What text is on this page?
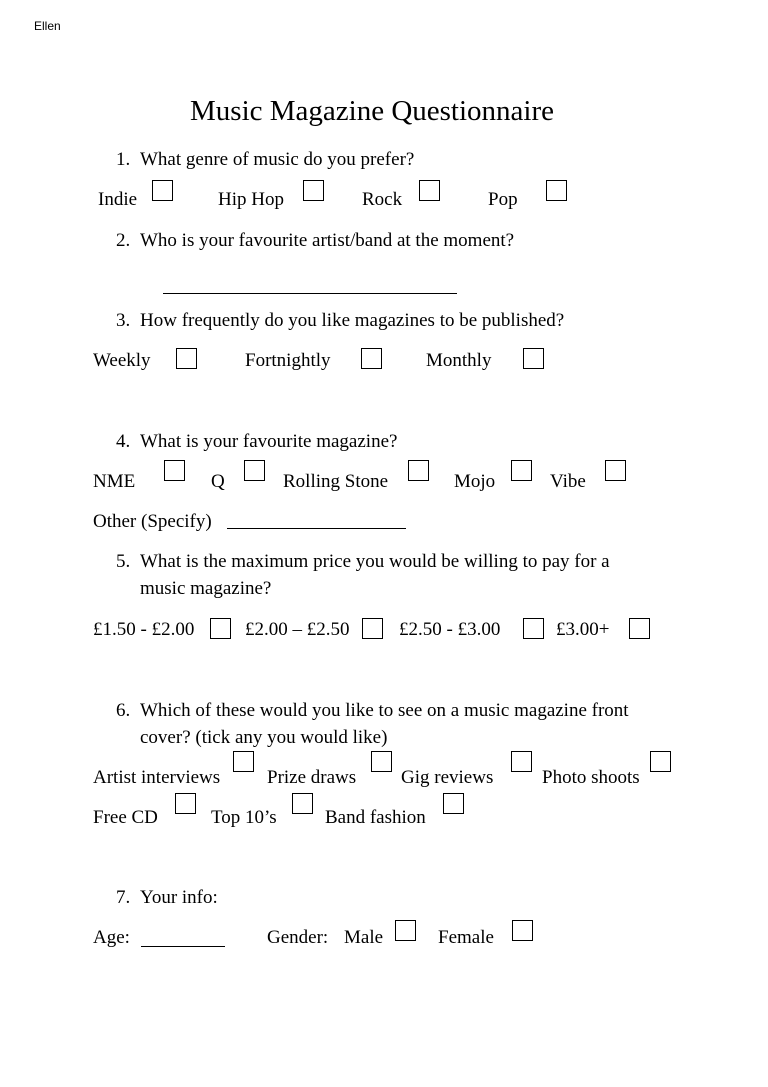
Ellen
Music Magazine Questionnaire
1. What genre of music do you prefer?
Indie	Hip Hop	Rock	Pop
2. Who is your favourite artist/band at the moment?
3. How frequently do you like magazines to be published?
Weekly	Fortnightly	Monthly
4. What is your favourite magazine?
NME	Q	Rolling Stone	Mojo	Vibe
Other (Specify)
5. What is the maximum price you would be willing to pay for a
music magazine?
£1.50 - £2.00	£2.00 – £2.50	£2.50 - £3.00	£3.00+
6. Which of these would you like to see on a music magazine front
cover? (tick any you would like)
Artist interviews Prize draws Gig reviews	Photo shoots
Free CD	Top 10’s	Band fashion
7. Your info:
Age:	Gender: Male	Female
